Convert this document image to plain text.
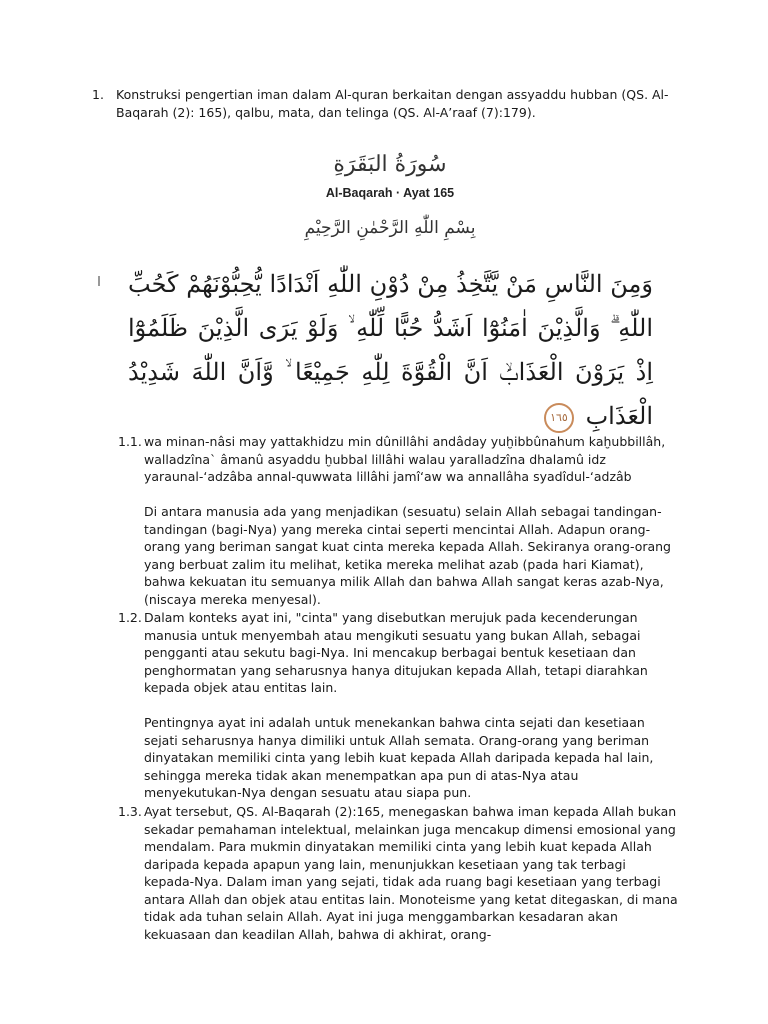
1. Konstruksi pengertian iman dalam Al-quran berkaitan dengan assyaddu hubban (QS. Al-Baqarah (2): 165), qalbu, mata, dan telinga (QS. Al-A’raaf (7):179).
سُورَةُ البَقَرَةِ
Al-Baqarah · Ayat 165
بِسْمِ اللّٰهِ الرَّحْمٰنِ الرَّحِيْمِ
وَمِنَ النَّاسِ مَنْ يَّتَّخِذُ مِنْ دُوْنِ اللّٰهِ اَنْدَادًا يُّحِبُّوْنَهُمْ كَحُبِّ اللّٰهِ ۗ وَالَّذِيْنَ اٰمَنُوْٓا اَشَدُّ حُبًّا لِّلّٰهِ ۙ وَلَوْ يَرَى الَّذِيْنَ ظَلَمُوْٓا اِذْ يَرَوْنَ الْعَذَابَۙ اَنَّ الْقُوَّةَ لِلّٰهِ جَمِيْعًا ۙ وَّاَنَّ اللّٰهَ شَدِيْدُ الْعَذَابِ ١٦٥
1.1. wa minan-nâsi may yattakhidzu min dûnillâhi andâday yuḫibbûnahum kaḫubbillâh, walladzîna` âmanû asyaddu ḫubbal lillâhi walau yaralladzîna dhalamû idz yaraunal-‘adzâba annal-quwwata lillâhi jamî‘aw wa annallâha syadîdul-‘adzâb

Di antara manusia ada yang menjadikan (sesuatu) selain Allah sebagai tandingan-tandingan (bagi-Nya) yang mereka cintai seperti mencintai Allah. Adapun orang-orang yang beriman sangat kuat cinta mereka kepada Allah. Sekiranya orang-orang yang berbuat zalim itu melihat, ketika mereka melihat azab (pada hari Kiamat), bahwa kekuatan itu semuanya milik Allah dan bahwa Allah sangat keras azab-Nya, (niscaya mereka menyesal).

1.2. Dalam konteks ayat ini, "cinta" yang disebutkan merujuk pada kecenderungan manusia untuk menyembah atau mengikuti sesuatu yang bukan Allah, sebagai pengganti atau sekutu bagi-Nya. Ini mencakup berbagai bentuk kesetiaan dan penghormatan yang seharusnya hanya ditujukan kepada Allah, tetapi diarahkan kepada objek atau entitas lain.

Pentingnya ayat ini adalah untuk menekankan bahwa cinta sejati dan kesetiaan sejati seharusnya hanya dimiliki untuk Allah semata. Orang-orang yang beriman dinyatakan memiliki cinta yang lebih kuat kepada Allah daripada kepada hal lain, sehingga mereka tidak akan menempatkan apa pun di atas-Nya atau menyekutukan-Nya dengan sesuatu atau siapa pun.

1.3. Ayat tersebut, QS. Al-Baqarah (2):165, menegaskan bahwa iman kepada Allah bukan sekadar pemahaman intelektual, melainkan juga mencakup dimensi emosional yang mendalam. Para mukmin dinyatakan memiliki cinta yang lebih kuat kepada Allah daripada kepada apapun yang lain, menunjukkan kesetiaan yang tak terbagi kepada-Nya. Dalam iman yang sejati, tidak ada ruang bagi kesetiaan yang terbagi antara Allah dan objek atau entitas lain. Monoteisme yang ketat ditegaskan, di mana tidak ada tuhan selain Allah. Ayat ini juga menggambarkan kesadaran akan kekuasaan dan keadilan Allah, bahwa di akhirat, orang-
